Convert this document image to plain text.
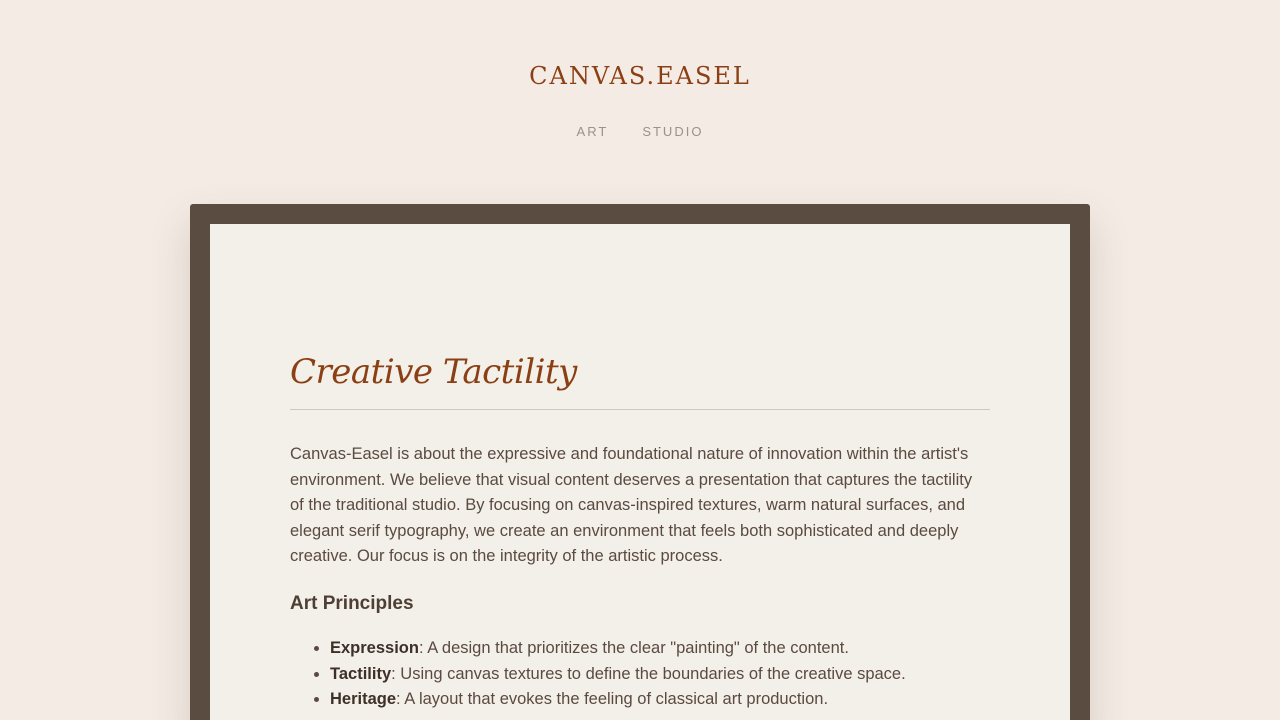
CANVAS.EASEL
ART	STUDIO
Creative Tactility

Canvas-Easel is about the expressive and foundational nature of innovation within the artist's environment. We believe that visual content deserves a presentation that captures the tactility of the traditional studio. By focusing on canvas-inspired textures, warm natural surfaces, and elegant serif typography, we create an environment that feels both sophisticated and deeply creative. Our focus is on the integrity of the artistic process.

Art Principles
• Expression: A design that prioritizes the clear "painting" of the content.
• Tactility: Using canvas textures to define the boundaries of the creative space.
• Heritage: A layout that evokes the feeling of classical art production.
